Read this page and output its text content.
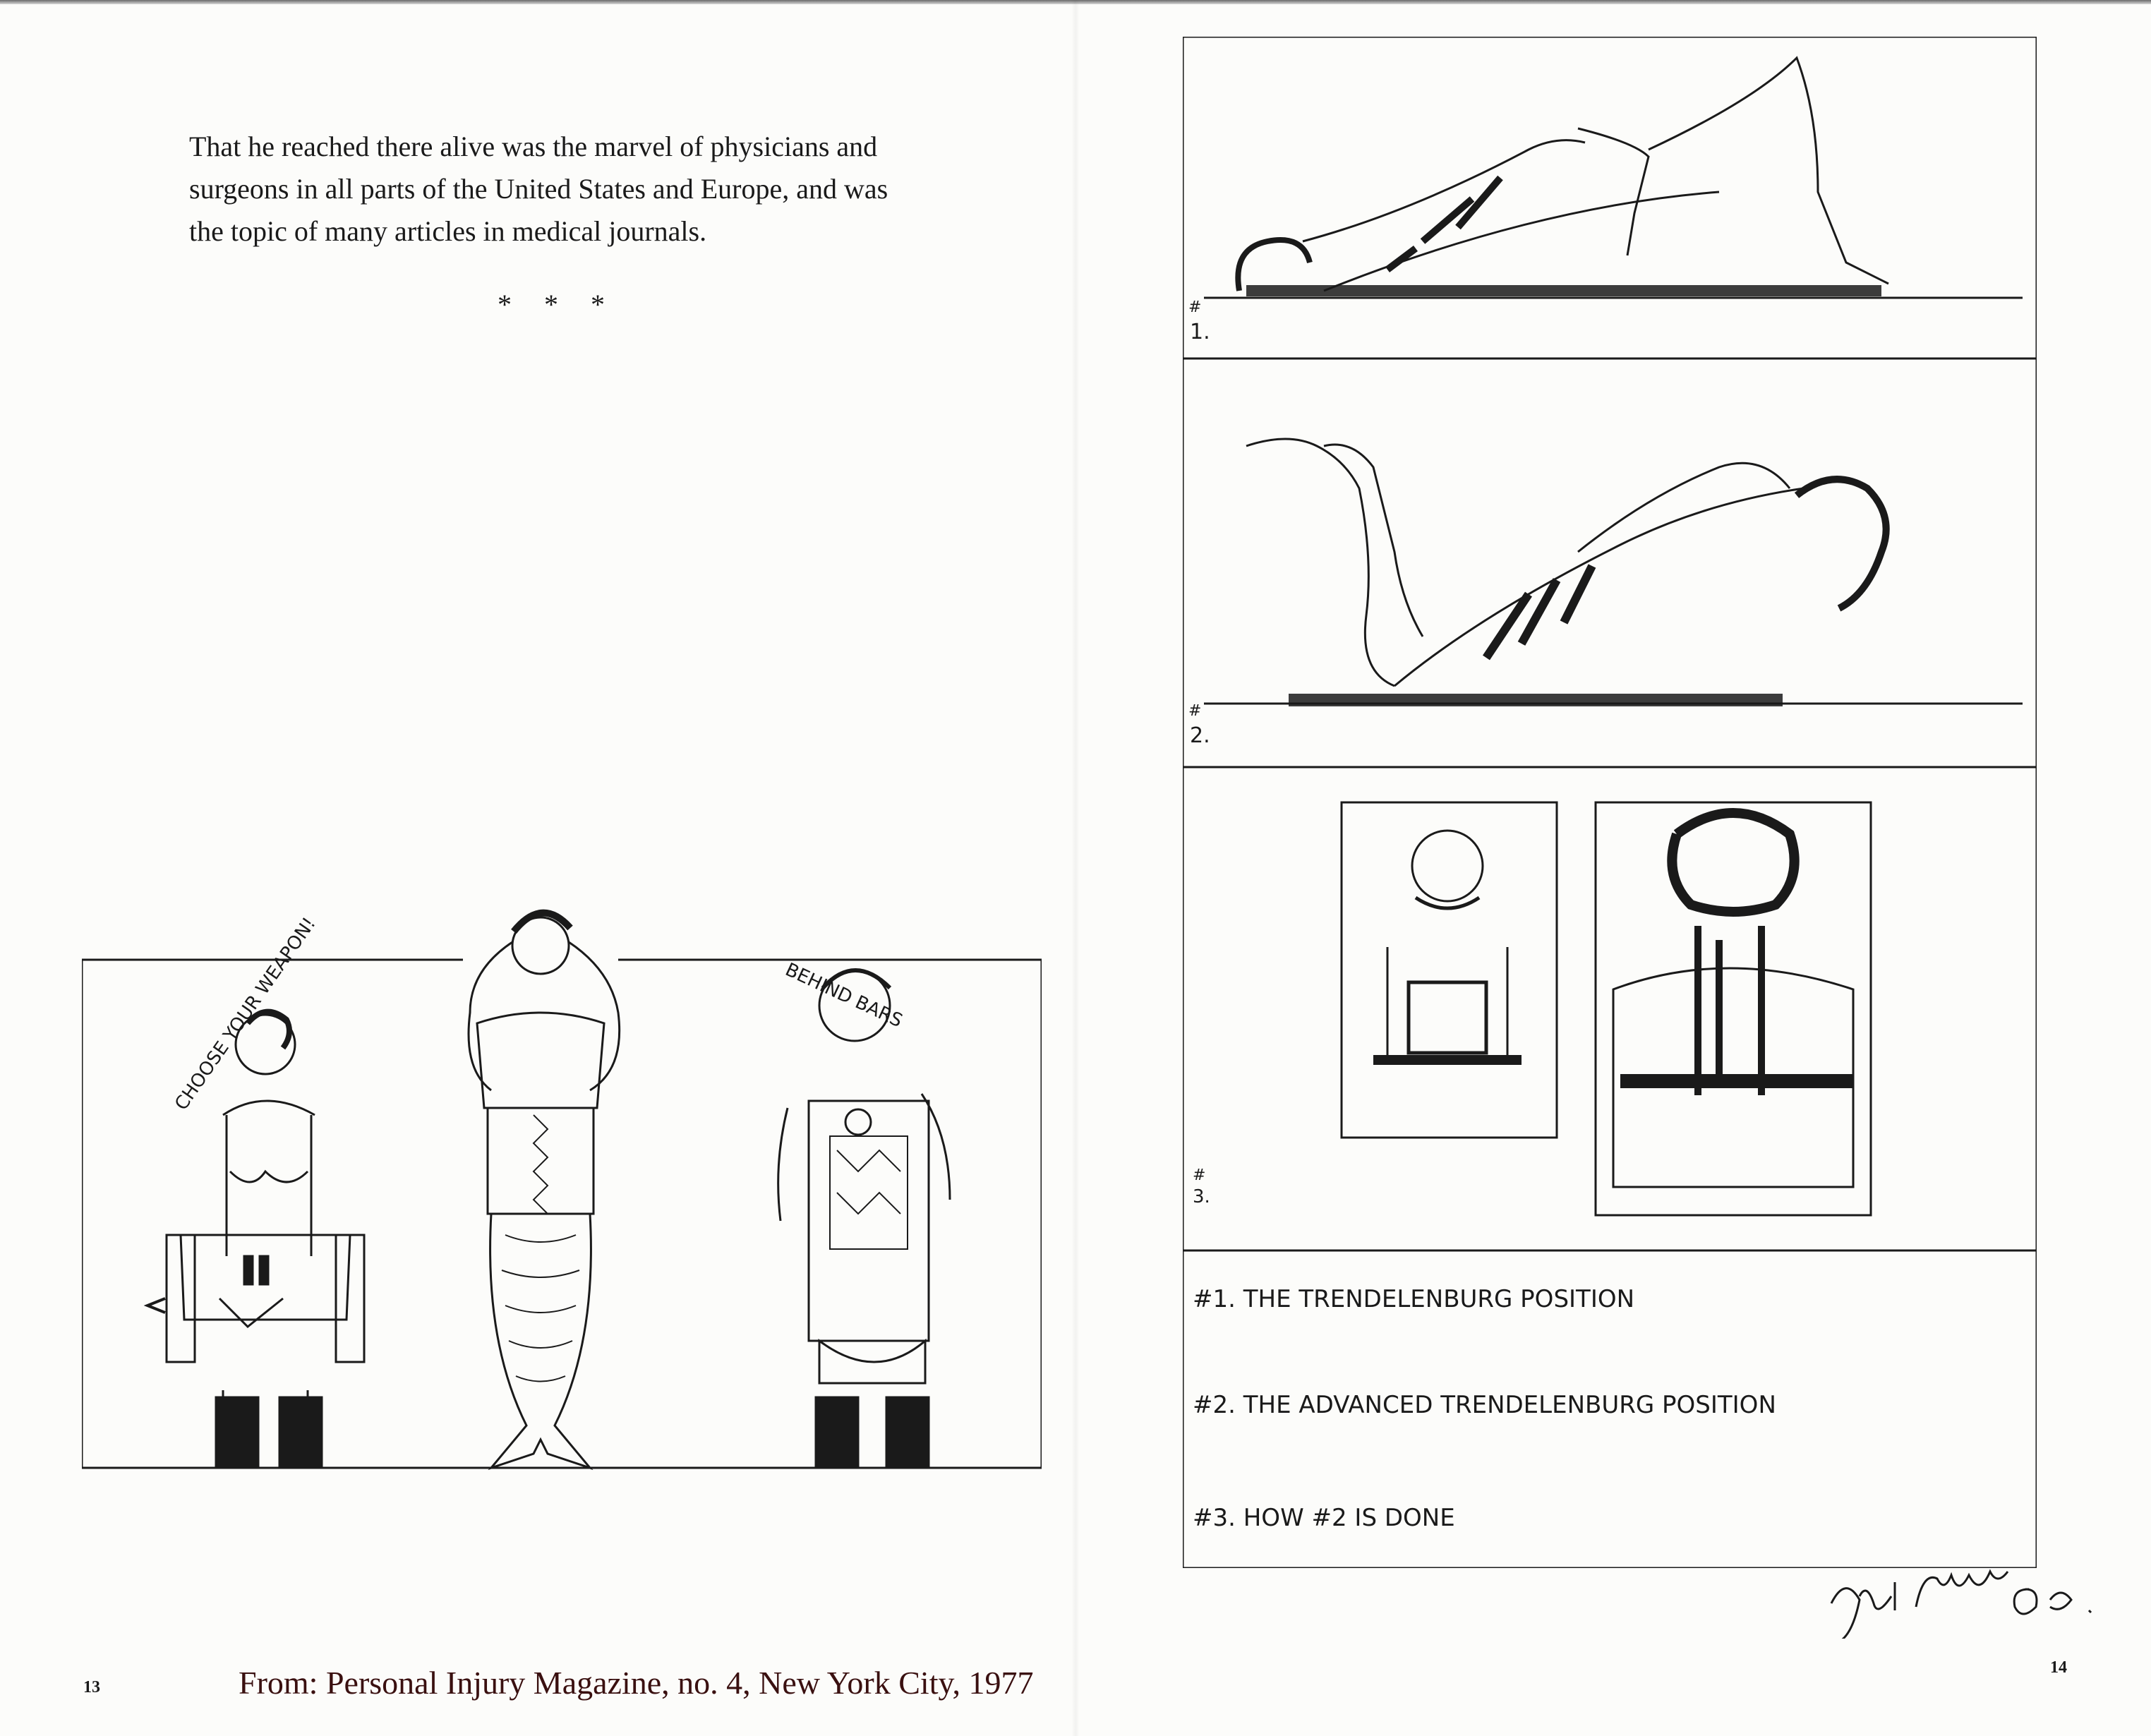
That he reached there alive was the marvel of physicians and

surgeons in all parts of the United States and Europe, and was

the topic of many articles in medical journals.

* * *
CHOOSE YOUR WEAPON!	BEHIND BARS
13	From: Personal Injury Magazine, no. 4, New York City, 1977
#
1.
#
2.
#
3.
#1. THE TRENDELENBURG POSITION
#2. THE ADVANCED TRENDELENBURG POSITION
#3. HOW #2 IS DONE
14
